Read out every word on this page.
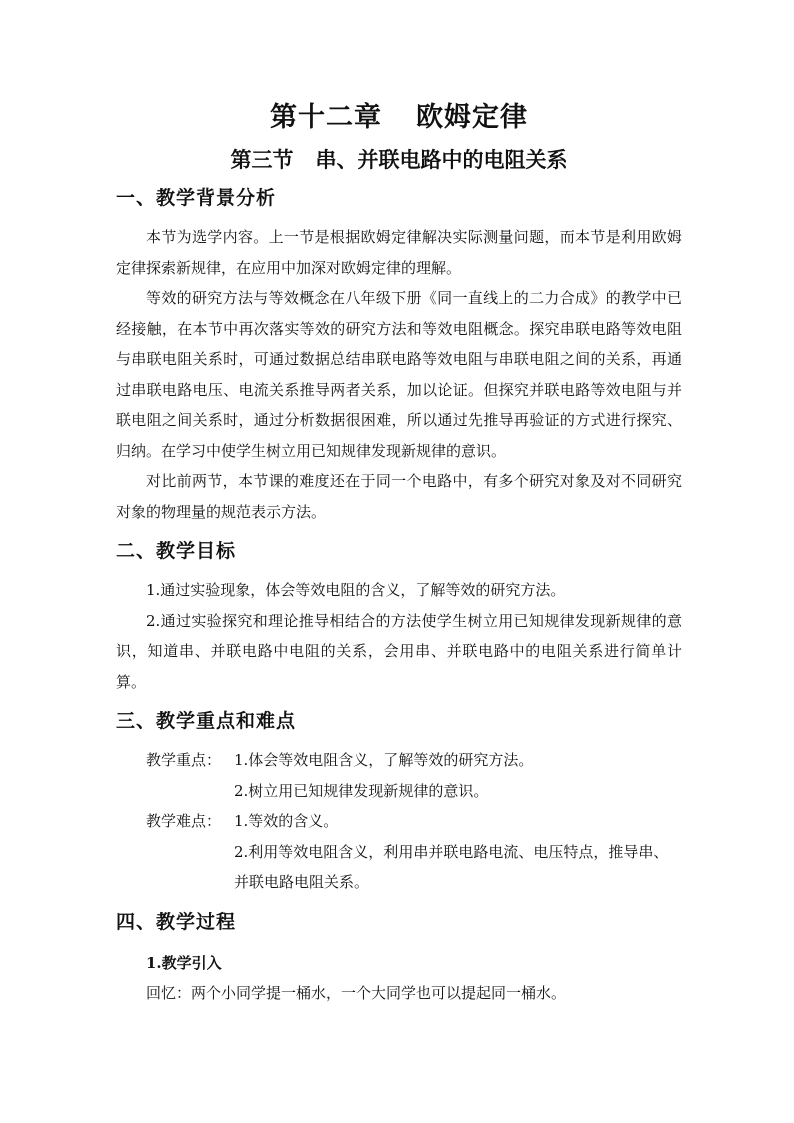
第十二章 欧姆定律
第三节 串、并联电路中的电阻关系
一、教学背景分析

本节为选学内容。上一节是根据欧姆定律解决实际测量问题，而本节是利用欧姆定律探索新规律，在应用中加深对欧姆定律的理解。

等效的研究方法与等效概念在八年级下册《同一直线上的二力合成》的教学中已经接触，在本节中再次落实等效的研究方法和等效电阻概念。探究串联电路等效电阻与串联电阻关系时，可通过数据总结串联电路等效电阻与串联电阻之间的关系，再通过串联电路电压、电流关系推导两者关系，加以论证。但探究并联电路等效电阻与并联电阻之间关系时，通过分析数据很困难，所以通过先推导再验证的方式进行探究、归纳。在学习中使学生树立用已知规律发现新规律的意识。

对比前两节，本节课的难度还在于同一个电路中，有多个研究对象及对不同研究对象的物理量的规范表示方法。

二、教学目标

1.通过实验现象，体会等效电阻的含义，了解等效的研究方法。

2.通过实验探究和理论推导相结合的方法使学生树立用已知规律发现新规律的意识，知道串、并联电路中电阻的关系，会用串、并联电路中的电阻关系进行简单计算。

三、教学重点和难点
教学重点： 1.体会等效电阻含义，了解等效的研究方法。
2.树立用已知规律发现新规律的意识。
教学难点： 1.等效的含义。
2.利用等效电阻含义，利用串并联电路电流、电压特点，推导串、
并联电路电阻关系。
四、教学过程
1.教学引入
回忆：两个小同学提一桶水，一个大同学也可以提起同一桶水。
